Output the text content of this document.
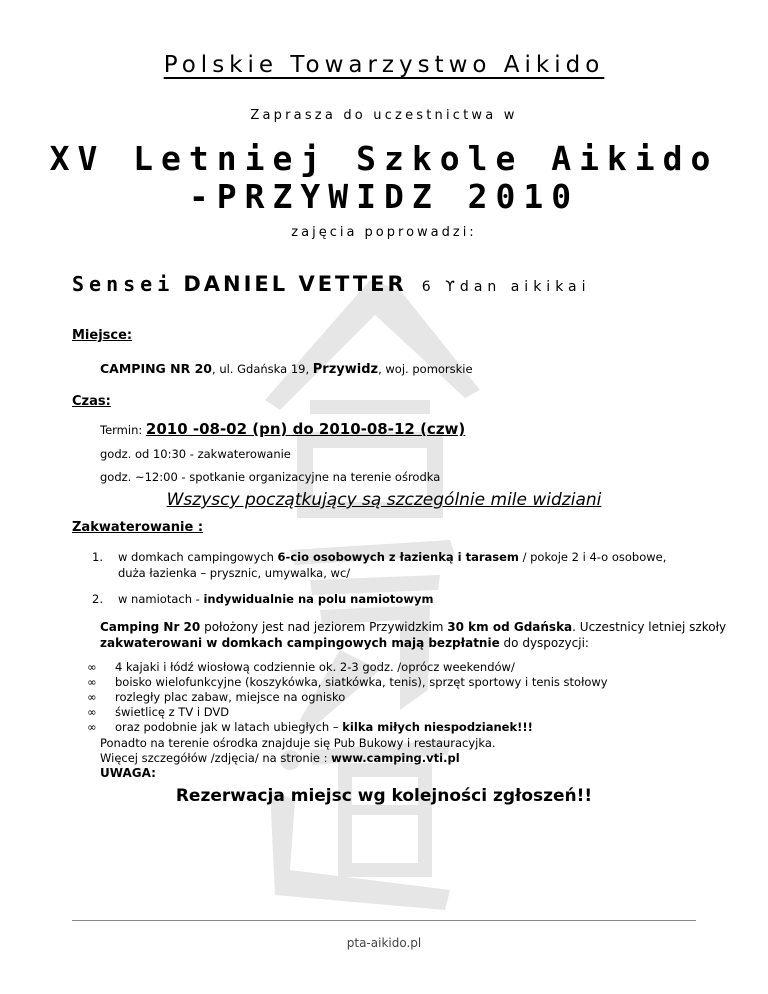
Polskie Towarzystwo Aikido
Zaprasza do uczestnictwa w
XV Letniej Szkole Aikido
-PRZYWIDZ 2010
zajęcia poprowadzi:
Sensei DANIEL VETTER 6 ϒdan aikikai
Miejsce:
CAMPING NR 20, ul. Gdańska 19, Przywidz, woj. pomorskie
Czas:
Termin: 2010 -08-02 (pn) do 2010-08-12 (czw)
godz. od 10:30 - zakwaterowanie
godz. ~12:00 - spotkanie organizacyjne na terenie ośrodka
Wszyscy początkujący są szczególnie mile widziani
Zakwaterowanie :
1. w domkach campingowych 6-cio osobowych z łazienką i tarasem / pokoje 2 i 4-o osobowe,
duża łazienka – prysznic, umywalka, wc/
2. w namiotach - indywidualnie na polu namiotowym
Camping Nr 20 położony jest nad jeziorem Przywidzkim 30 km od Gdańska. Uczestnicy letniej szkoły
zakwaterowani w domkach campingowych mają bezpłatnie do dyspozycji:
∞ 4 kajaki i łódź wiosłową codziennie ok. 2-3 godz. /oprócz weekendów/
∞ boisko wielofunkcyjne (koszykówka, siatkówka, tenis), sprzęt sportowy i tenis stołowy
∞ rozległy plac zabaw, miejsce na ognisko
∞ świetlicę z TV i DVD
∞ oraz podobnie jak w latach ubiegłych – kilka miłych niespodzianek!!!
Ponadto na terenie ośrodka znajduje się Pub Bukowy i restauracyjka.
Więcej szczegółów /zdjęcia/ na stronie : www.camping.vti.pl
UWAGA:
Rezerwacja miejsc wg kolejności zgłoszeń!!
pta-aikido.pl
